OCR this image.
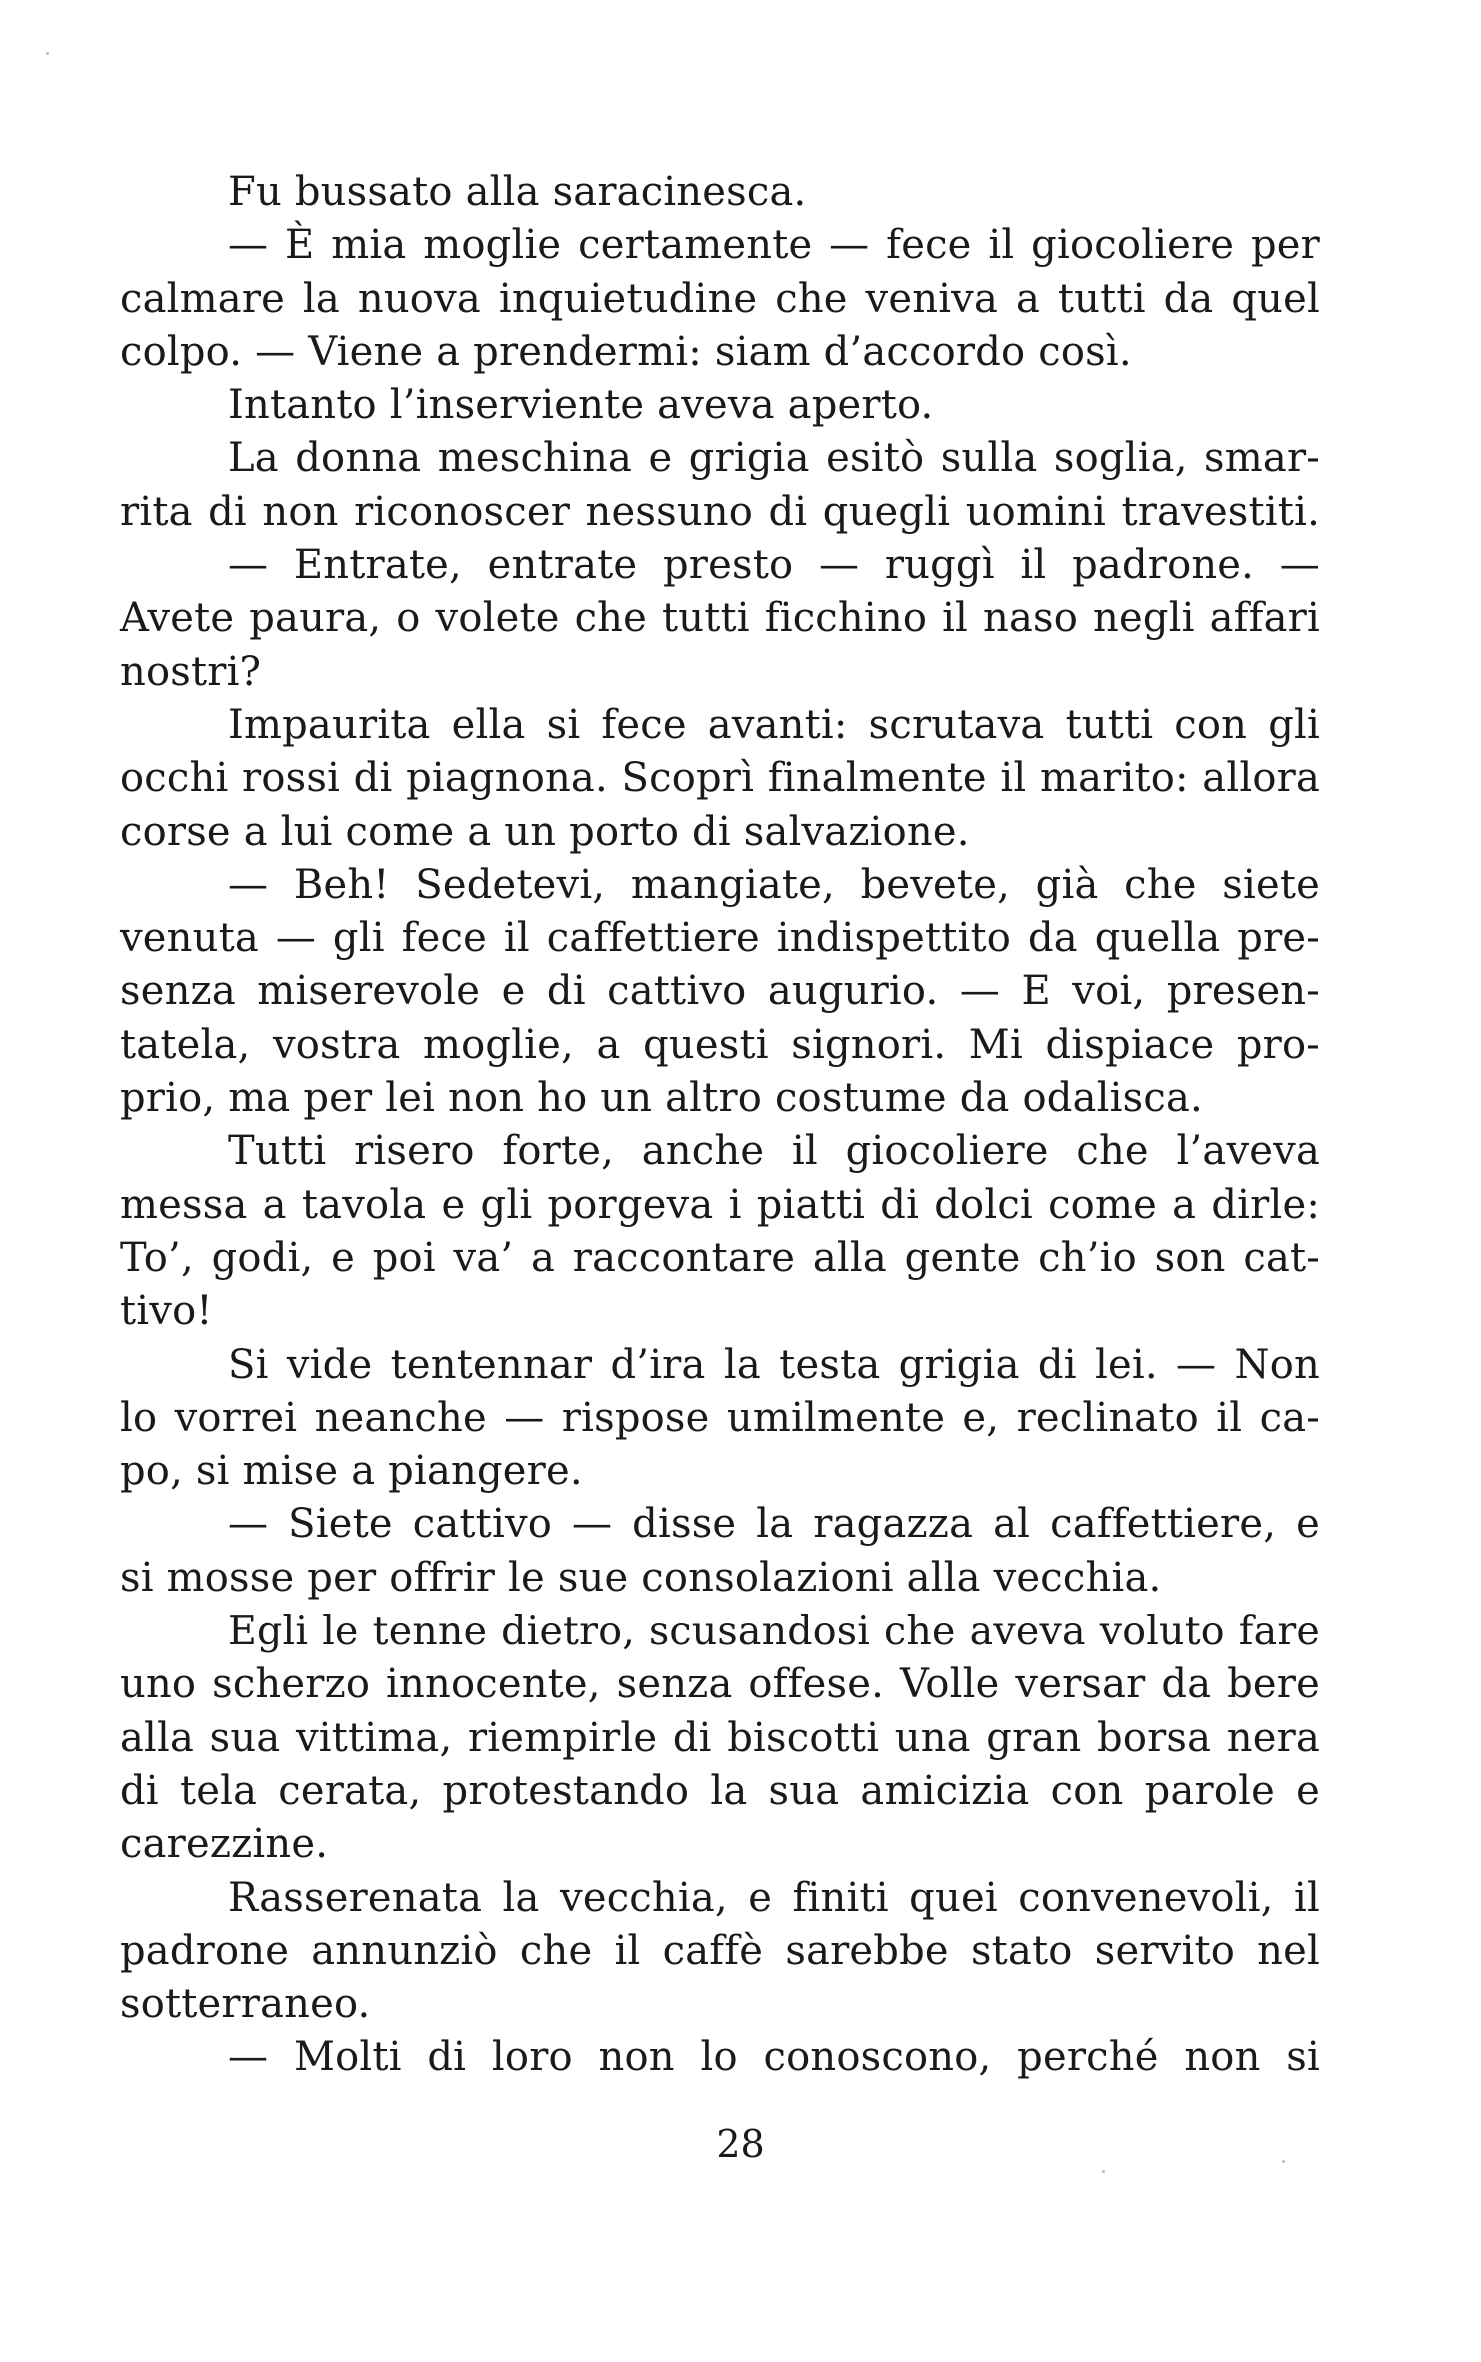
Fu bussato alla saracinesca.
— È mia moglie certamente — fece il giocoliere per
calmare la nuova inquietudine che veniva a tutti da quel
colpo. — Viene a prendermi: siam d’accordo così.
Intanto l’inserviente aveva aperto.
La donna meschina e grigia esitò sulla soglia, smar-
rita di non riconoscer nessuno di quegli uomini travestiti.
— Entrate, entrate presto — ruggì il padrone. —
Avete paura, o volete che tutti ficchino il naso negli affari
nostri?
Impaurita ella si fece avanti: scrutava tutti con gli
occhi rossi di piagnona. Scoprì finalmente il marito: allora
corse a lui come a un porto di salvazione.
— Beh! Sedetevi, mangiate, bevete, già che siete
venuta — gli fece il caffettiere indispettito da quella pre-
senza miserevole e di cattivo augurio. — E voi, presen-
tatela, vostra moglie, a questi signori. Mi dispiace pro-
prio, ma per lei non ho un altro costume da odalisca.
Tutti risero forte, anche il giocoliere che l’aveva
messa a tavola e gli porgeva i piatti di dolci come a dirle:
To’, godi, e poi va’ a raccontare alla gente ch’io son cat-
tivo!
Si vide tentennar d’ira la testa grigia di lei. — Non
lo vorrei neanche — rispose umilmente e, reclinato il ca-
po, si mise a piangere.
— Siete cattivo — disse la ragazza al caffettiere, e
si mosse per offrir le sue consolazioni alla vecchia.
Egli le tenne dietro, scusandosi che aveva voluto fare
uno scherzo innocente, senza offese. Volle versar da bere
alla sua vittima, riempirle di biscotti una gran borsa nera
di tela cerata, protestando la sua amicizia con parole e
carezzine.
Rasserenata la vecchia, e finiti quei convenevoli, il
padrone annunziò che il caffè sarebbe stato servito nel
sotterraneo.
— Molti di loro non lo conoscono, perché non si
28
